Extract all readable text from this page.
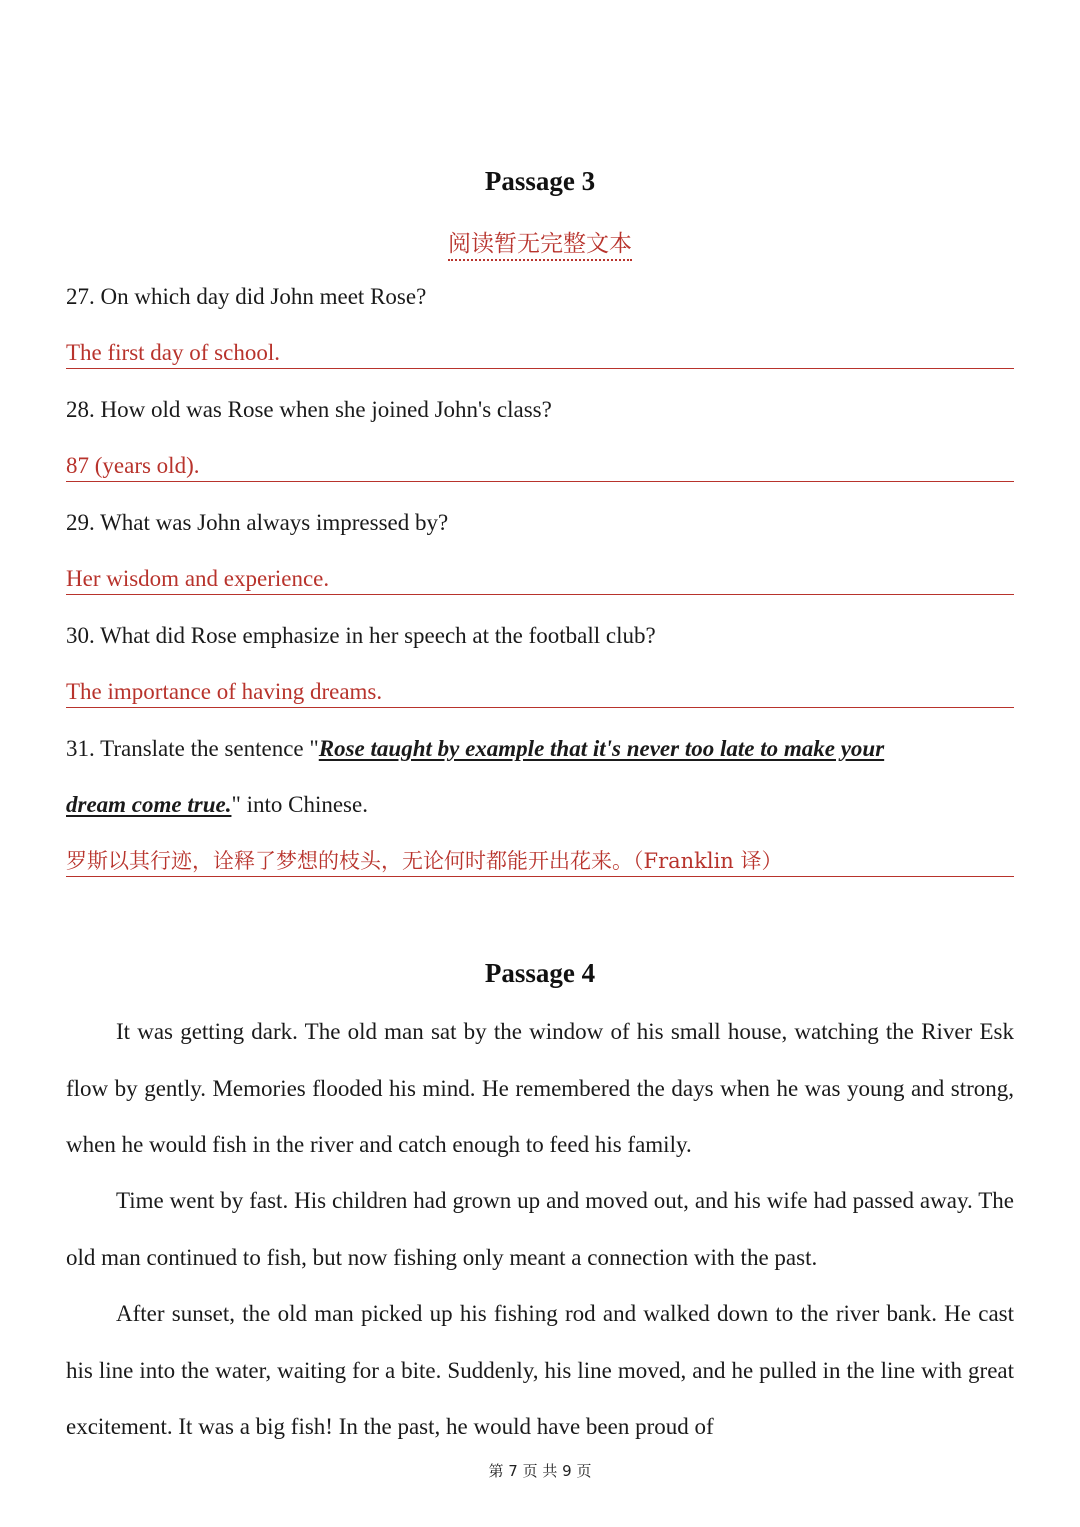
Passage 3
阅读暂无完整文本
27. On which day did John meet Rose?
The first day of school.
28. How old was Rose when she joined John's class?
87 (years old).
29. What was John always impressed by?
Her wisdom and experience.
30. What did Rose emphasize in her speech at the football club?
The importance of having dreams.
31. Translate the sentence "Rose taught by example that it's never too late to make your
dream come true." into Chinese.
罗斯以其行迹，诠释了梦想的枝头，无论何时都能开出花来。（Franklin 译）
Passage 4
It was getting dark. The old man sat by the window of his small house, watching the River Esk flow by gently. Memories flooded his mind. He remembered the days when he was young and strong, when he would fish in the river and catch enough to feed his family.
Time went by fast. His children had grown up and moved out, and his wife had passed away. The old man continued to fish, but now fishing only meant a connection with the past.
After sunset, the old man picked up his fishing rod and walked down to the river bank. He cast his line into the water, waiting for a bite. Suddenly, his line moved, and he pulled in the line with great excitement. It was a big fish! In the past, he would have been proud of
第 7 页 共 9 页
